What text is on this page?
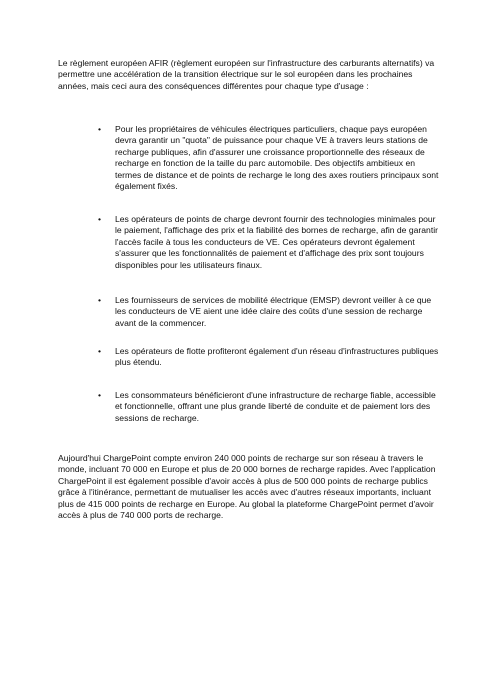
Le règlement européen AFIR (règlement européen sur l'infrastructure des carburants alternatifs) va permettre une accélération de la transition électrique sur le sol européen dans les prochaines années, mais ceci aura des conséquences différentes pour chaque type d'usage :

• Pour les propriétaires de véhicules électriques particuliers, chaque pays européen devra garantir un "quota" de puissance pour chaque VE à travers leurs stations de recharge publiques, afin d'assurer une croissance proportionnelle des réseaux de recharge en fonction de la taille du parc automobile. Des objectifs ambitieux en termes de distance et de points de recharge le long des axes routiers principaux sont également fixés.

• Les opérateurs de points de charge devront fournir des technologies minimales pour le paiement, l'affichage des prix et la fiabilité des bornes de recharge, afin de garantir l'accès facile à tous les conducteurs de VE. Ces opérateurs devront également s'assurer que les fonctionnalités de paiement et d'affichage des prix sont toujours disponibles pour les utilisateurs finaux.

• Les fournisseurs de services de mobilité électrique (EMSP) devront veiller à ce que les conducteurs de VE aient une idée claire des coûts d'une session de recharge avant de la commencer.

• Les opérateurs de flotte profiteront également d'un réseau d'infrastructures publiques plus étendu.

• Les consommateurs bénéficieront d'une infrastructure de recharge fiable, accessible et fonctionnelle, offrant une plus grande liberté de conduite et de paiement lors des sessions de recharge.

Aujourd'hui ChargePoint compte environ 240 000 points de recharge sur son réseau à travers le monde, incluant 70 000 en Europe et plus de 20 000 bornes de recharge rapides. Avec l'application ChargePoint il est également possible d'avoir accès à plus de 500 000 points de recharge publics grâce à l'itinérance, permettant de mutualiser les accès avec d'autres réseaux importants, incluant plus de 415 000 points de recharge en Europe. Au global la plateforme ChargePoint permet d'avoir accès à plus de 740 000 ports de recharge.
